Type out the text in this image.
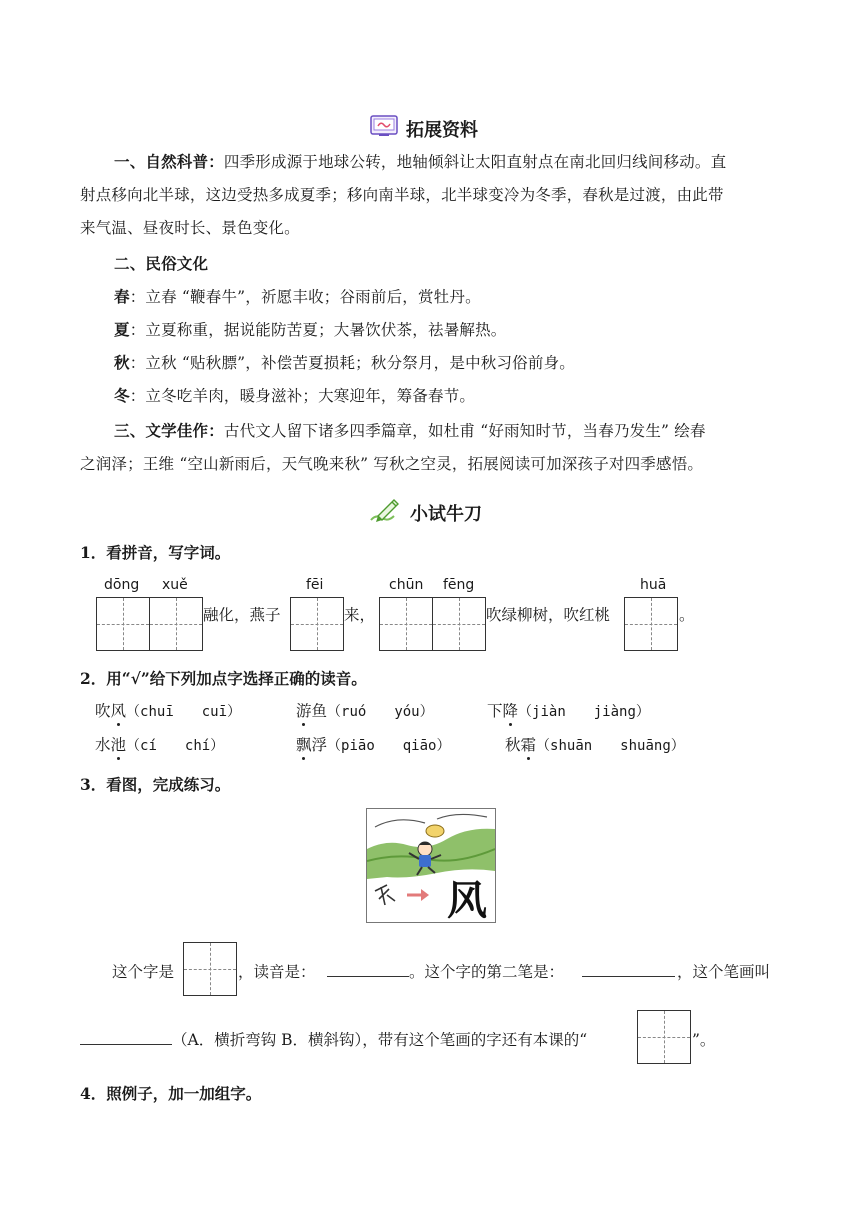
拓展资料
一、自然科普：四季形成源于地球公转，地轴倾斜让太阳直射点在南北回归线间移动。直
射点移向北半球，这边受热多成夏季；移向南半球，北半球变冷为冬季，春秋是过渡，由此带
来气温、昼夜时长、景色变化。
二、民俗文化
春：立春 “鞭春牛”，祈愿丰收；谷雨前后，赏牡丹。
夏：立夏称重，据说能防苦夏；大暑饮伏茶，祛暑解热。
秋：立秋 “贴秋膘”，补偿苦夏损耗；秋分祭月，是中秋习俗前身。
冬：立冬吃羊肉，暖身滋补；大寒迎年，筹备春节。
三、文学佳作：古代文人留下诸多四季篇章，如杜甫 “好雨知时节，当春乃发生” 绘春
之润泽；王维 “空山新雨后，天气晚来秋” 写秋之空灵，拓展阅读可加深孩子对四季感悟。
小试牛刀
1．看拼音，写字词。
dōng xuě
融化，燕子
fēi
来，
chūn fēng
吹绿柳树，吹红桃
huā
。
2．用“√”给下列加点字选择正确的读音。
吹风（chuī　　cuī）	游鱼（ruó　　yóu）	下降（jiàn　　jiàng）
水池（cí　　chí）	飘浮（piāo　　qiāo）	秋霜（shuān　　shuāng）
3．看图，完成练习。
风
这个字是	，读音是：	。这个字的第二笔是：	，这个笔画叫
（A．横折弯钩 B．横斜钩），带有这个笔画的字还有本课的“	”。
4．照例子，加一加组字。
